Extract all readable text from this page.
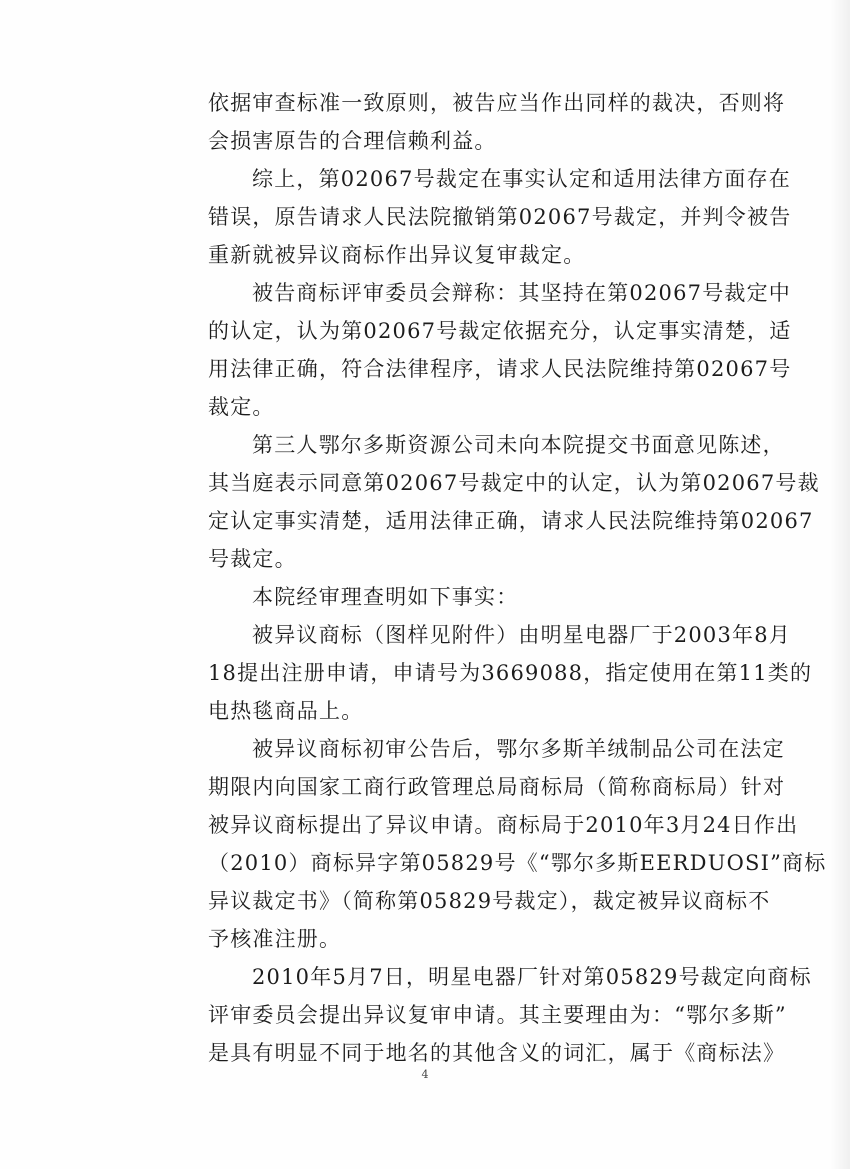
依据审查标准一致原则，被告应当作出同样的裁决，否则将
会损害原告的合理信赖利益。
综上，第02067号裁定在事实认定和适用法律方面存在
错误，原告请求人民法院撤销第02067号裁定，并判令被告
重新就被异议商标作出异议复审裁定。
被告商标评审委员会辩称：其坚持在第02067号裁定中
的认定，认为第02067号裁定依据充分，认定事实清楚，适
用法律正确，符合法律程序，请求人民法院维持第02067号
裁定。
第三人鄂尔多斯资源公司未向本院提交书面意见陈述，
其当庭表示同意第02067号裁定中的认定，认为第02067号裁
定认定事实清楚，适用法律正确，请求人民法院维持第02067
号裁定。
本院经审理查明如下事实：
被异议商标（图样见附件）由明星电器厂于2003年8月
18提出注册申请，申请号为3669088，指定使用在第11类的
电热毯商品上。
被异议商标初审公告后，鄂尔多斯羊绒制品公司在法定
期限内向国家工商行政管理总局商标局（简称商标局）针对
被异议商标提出了异议申请。商标局于2010年3月24日作出
（2010）商标异字第05829号《“鄂尔多斯EERDUOSI”商标
异议裁定书》（简称第05829号裁定），裁定被异议商标不
予核准注册。
2010年5月7日，明星电器厂针对第05829号裁定向商标
评审委员会提出异议复审申请。其主要理由为：“鄂尔多斯”
是具有明显不同于地名的其他含义的词汇，属于《商标法》
4
